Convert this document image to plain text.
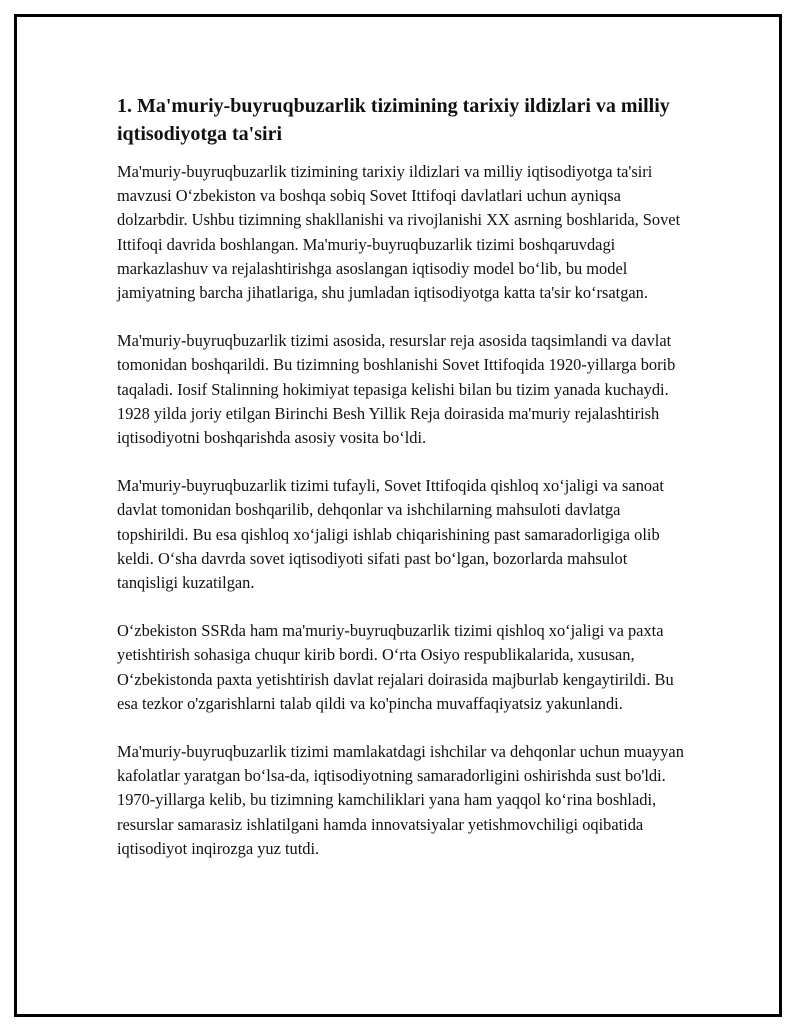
1. Ma'muriy-buyruqbuzarlik tizimining tarixiy ildizlari va milliy iqtisodiyotga ta'siri

Ma'muriy-buyruqbuzarlik tizimining tarixiy ildizlari va milliy iqtisodiyotga ta'siri mavzusi O‘zbekiston va boshqa sobiq Sovet Ittifoqi davlatlari uchun ayniqsa dolzarbdir. Ushbu tizimning shakllanishi va rivojlanishi XX asrning boshlarida, Sovet Ittifoqi davrida boshlangan. Ma'muriy-buyruqbuzarlik tizimi boshqaruvdagi markazlashuv va rejalashtirishga asoslangan iqtisodiy model bo‘lib, bu model jamiyatning barcha jihatlariga, shu jumladan iqtisodiyotga katta ta'sir ko‘rsatgan.

Ma'muriy-buyruqbuzarlik tizimi asosida, resurslar reja asosida taqsimlandi va davlat tomonidan boshqarildi. Bu tizimning boshlanishi Sovet Ittifoqida 1920-yillarga borib taqaladi. Iosif Stalinning hokimiyat tepasiga kelishi bilan bu tizim yanada kuchaydi. 1928 yilda joriy etilgan Birinchi Besh Yillik Reja doirasida ma'muriy rejalashtirish iqtisodiyotni boshqarishda asosiy vosita bo‘ldi.

Ma'muriy-buyruqbuzarlik tizimi tufayli, Sovet Ittifoqida qishloq xo‘jaligi va sanoat davlat tomonidan boshqarilib, dehqonlar va ishchilarning mahsuloti davlatga topshirildi. Bu esa qishloq xo‘jaligi ishlab chiqarishining past samaradorligiga olib keldi. O‘sha davrda sovet iqtisodiyoti sifati past bo‘lgan, bozorlarda mahsulot tanqisligi kuzatilgan.

O‘zbekiston SSRda ham ma'muriy-buyruqbuzarlik tizimi qishloq xo‘jaligi va paxta yetishtirish sohasiga chuqur kirib bordi. O‘rta Osiyo respublikalarida, xususan, O‘zbekistonda paxta yetishtirish davlat rejalari doirasida majburlab kengaytirildi. Bu esa tezkor o'zgarishlarni talab qildi va ko'pincha muvaffaqiyatsiz yakunlandi.

Ma'muriy-buyruqbuzarlik tizimi mamlakatdagi ishchilar va dehqonlar uchun muayyan kafolatlar yaratgan bo‘lsa-da, iqtisodiyotning samaradorligini oshirishda sust bo'ldi. 1970-yillarga kelib, bu tizimning kamchiliklari yana ham yaqqol ko‘rina boshladi, resurslar samarasiz ishlatilgani hamda innovatsiyalar yetishmovchiligi oqibatida iqtisodiyot inqirozga yuz tutdi.
